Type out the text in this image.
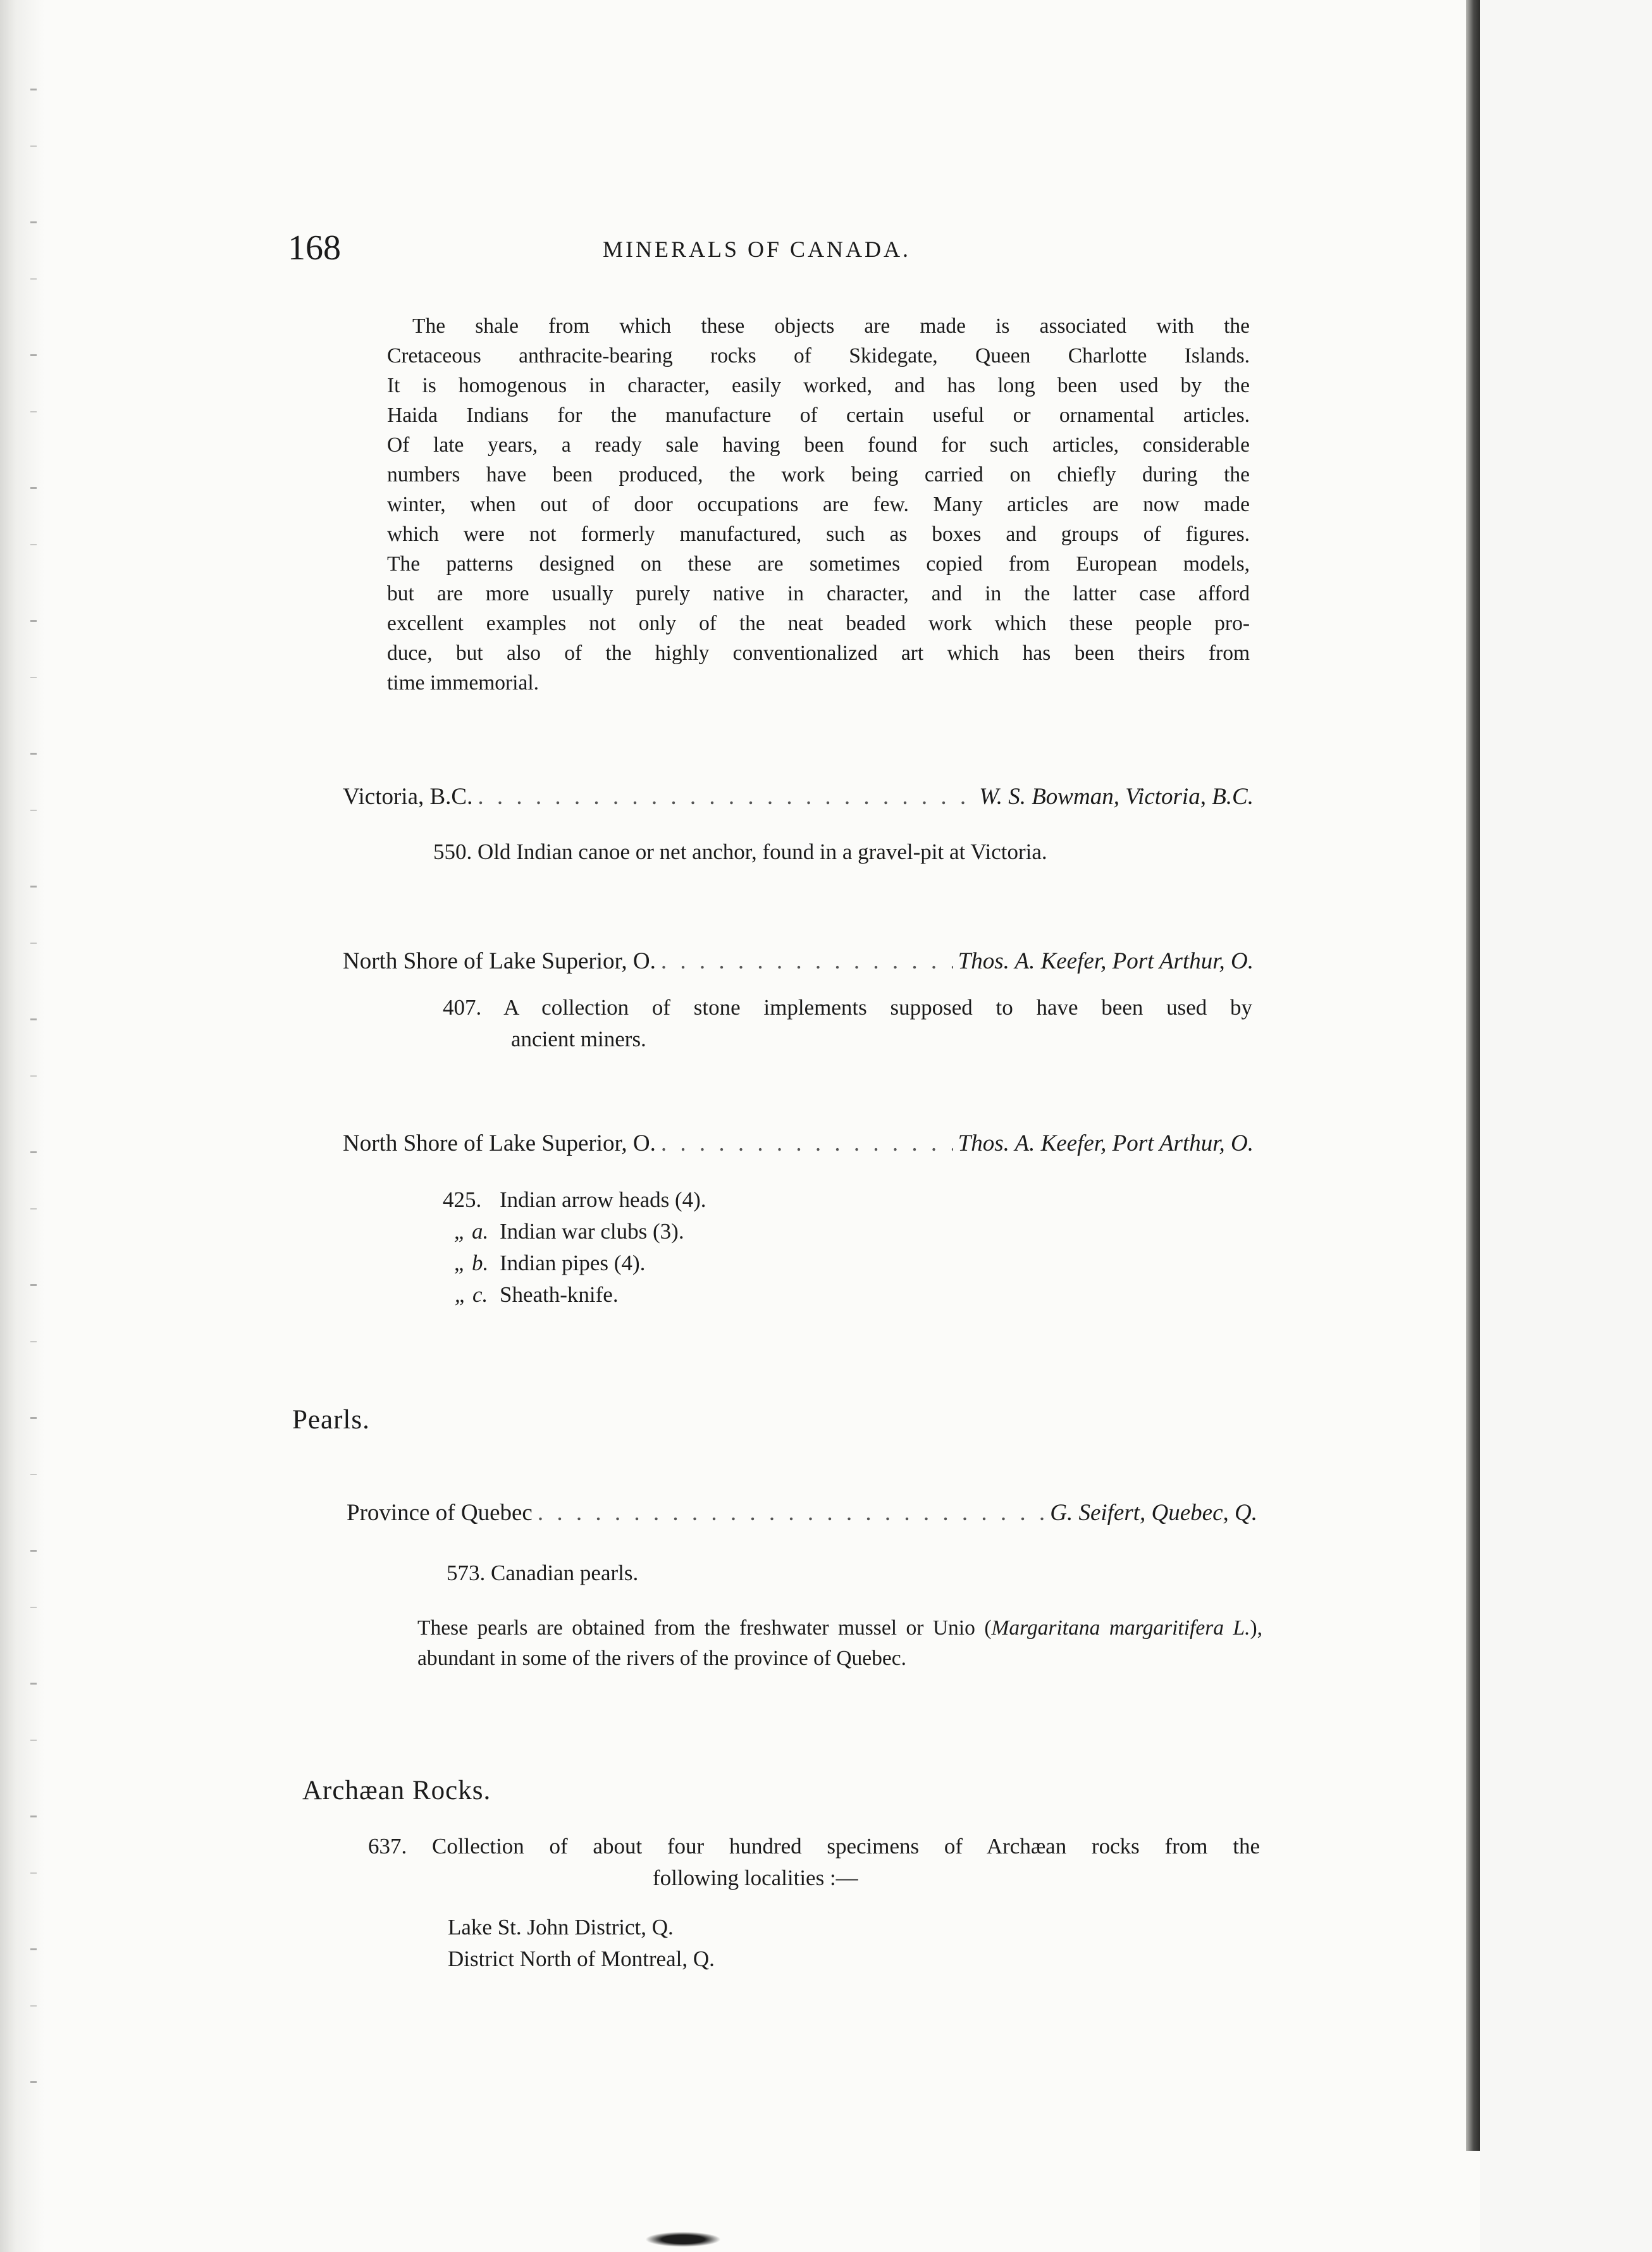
168	MINERALS OF CANADA.
The shale from which these objects are made is associated with the
Cretaceous anthracite-bearing rocks of Skidegate, Queen Charlotte Islands.
It is homogenous in character, easily worked, and has long been used by the
Haida Indians for the manufacture of certain useful or ornamental articles.
Of late years, a ready sale having been found for such articles, considerable
numbers have been produced, the work being carried on chiefly during the
winter, when out of door occupations are few. Many articles are now made
which were not formerly manufactured, such as boxes and groups of figures.
The patterns designed on these are sometimes copied from European models,
but are more usually purely native in character, and in the latter case afford
excellent examples not only of the neat beaded work which these people pro-
duce, but also of the highly conventionalized art which has been theirs from
time immemorial.
Victoria, B.C. . . .	W. S. Bowman, Victoria, B.C.
550. Old Indian canoe or net anchor, found in a gravel-pit at Victoria.
North Shore of Lake Superior, O. . . .	Thos. A. Keefer, Port Arthur, O.
407. A collection of stone implements supposed to have been used by
ancient miners.
North Shore of Lake Superior, O. . . .	Thos. A. Keefer, Port Arthur, O.
425. Indian arrow heads (4).
„ a. Indian war clubs (3).
„ b. Indian pipes (4).
„ c. Sheath-knife.
Pearls.
Province of Quebec . . .	G. Seifert, Quebec, Q.
573. Canadian pearls.
These pearls are obtained from the freshwater mussel or Unio (Margaritana margaritifera L.), abundant in some of the rivers of the province of Quebec.
Archæan Rocks.
637. Collection of about four hundred specimens of Archæan rocks from the
following localities :—
Lake St. John District, Q.
District North of Montreal, Q.
